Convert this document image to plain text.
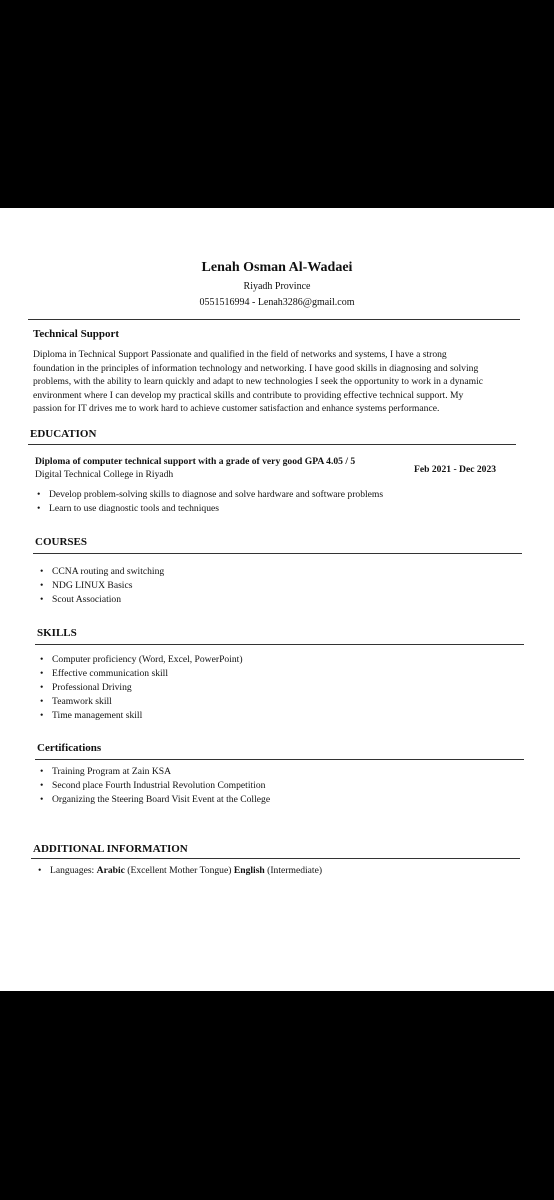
Lenah Osman Al-Wadaei
Riyadh Province
0551516994 - Lenah3286@gmail.com
Technical Support
Diploma in Technical Support Passionate and qualified in the field of networks and systems, I have a strong
foundation in the principles of information technology and networking. I have good skills in diagnosing and solving
problems, with the ability to learn quickly and adapt to new technologies I seek the opportunity to work in a dynamic
environment where I can develop my practical skills and contribute to providing effective technical support. My
passion for IT drives me to work hard to achieve customer satisfaction and enhance systems performance.
EDUCATION
Diploma of computer technical support with a grade of very good GPA 4.05 / 5
Feb 2021 - Dec 2023
Digital Technical College in Riyadh
• Develop problem-solving skills to diagnose and solve hardware and software problems
• Learn to use diagnostic tools and techniques
COURSES
• CCNA routing and switching
• NDG LINUX Basics
• Scout Association
SKILLS
• Computer proficiency (Word, Excel, PowerPoint)
• Effective communication skill
• Professional Driving
• Teamwork skill
• Time management skill
Certifications
• Training Program at Zain KSA
• Second place Fourth Industrial Revolution Competition
• Organizing the Steering Board Visit Event at the College
ADDITIONAL INFORMATION
• Languages: Arabic (Excellent Mother Tongue) English (Intermediate)
